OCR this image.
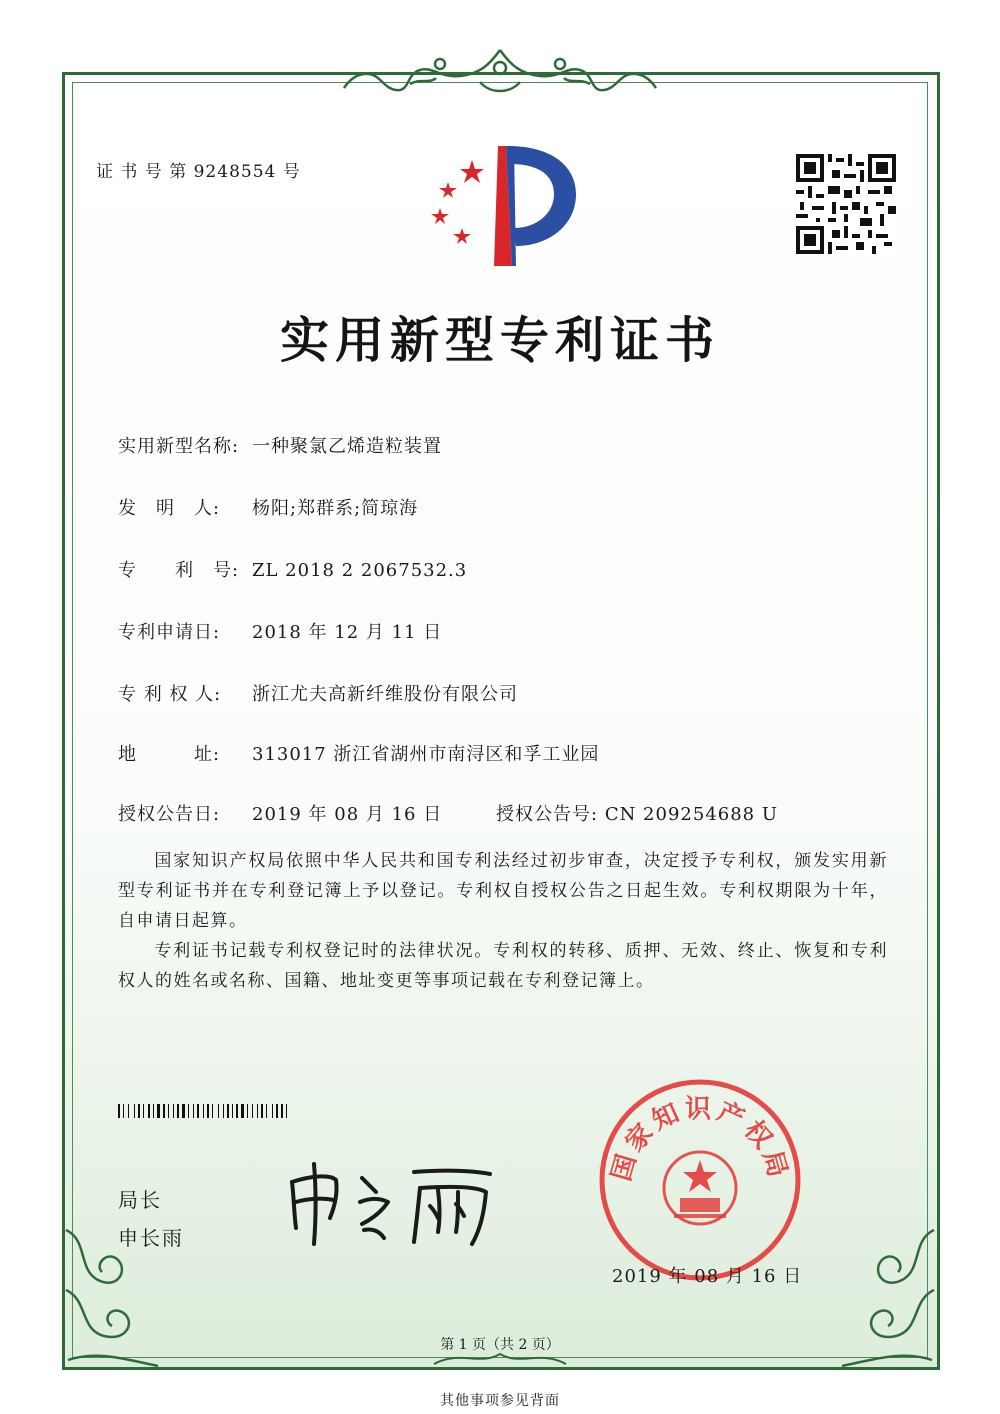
证 书 号 第 9248554 号
实用新型专利证书
实用新型名称: 一种聚氯乙烯造粒装置
发　明　人: 杨阳;郑群系;简琼海
专　　利　号: ZL 2018 2 2067532.3
专利申请日: 2018 年 12 月 11 日
专 利 权 人: 浙江尤夫高新纤维股份有限公司
地　　　址: 313017 浙江省湖州市南浔区和孚工业园
授权公告日: 2019 年 08 月 16 日	授权公告号: CN 209254688 U
国家知识产权局依照中华人民共和国专利法经过初步审查，决定授予专利权，颁发实用新型专利证书并在专利登记簿上予以登记。专利权自授权公告之日起生效。专利权期限为十年，自申请日起算。
专利证书记载专利权登记时的法律状况。专利权的转移、质押、无效、终止、恢复和专利权人的姓名或名称、国籍、地址变更等事项记载在专利登记簿上。
局长
申长雨
国家知识产权局
2019 年 08 月 16 日
第 1 页（共 2 页）
其他事项参见背面
